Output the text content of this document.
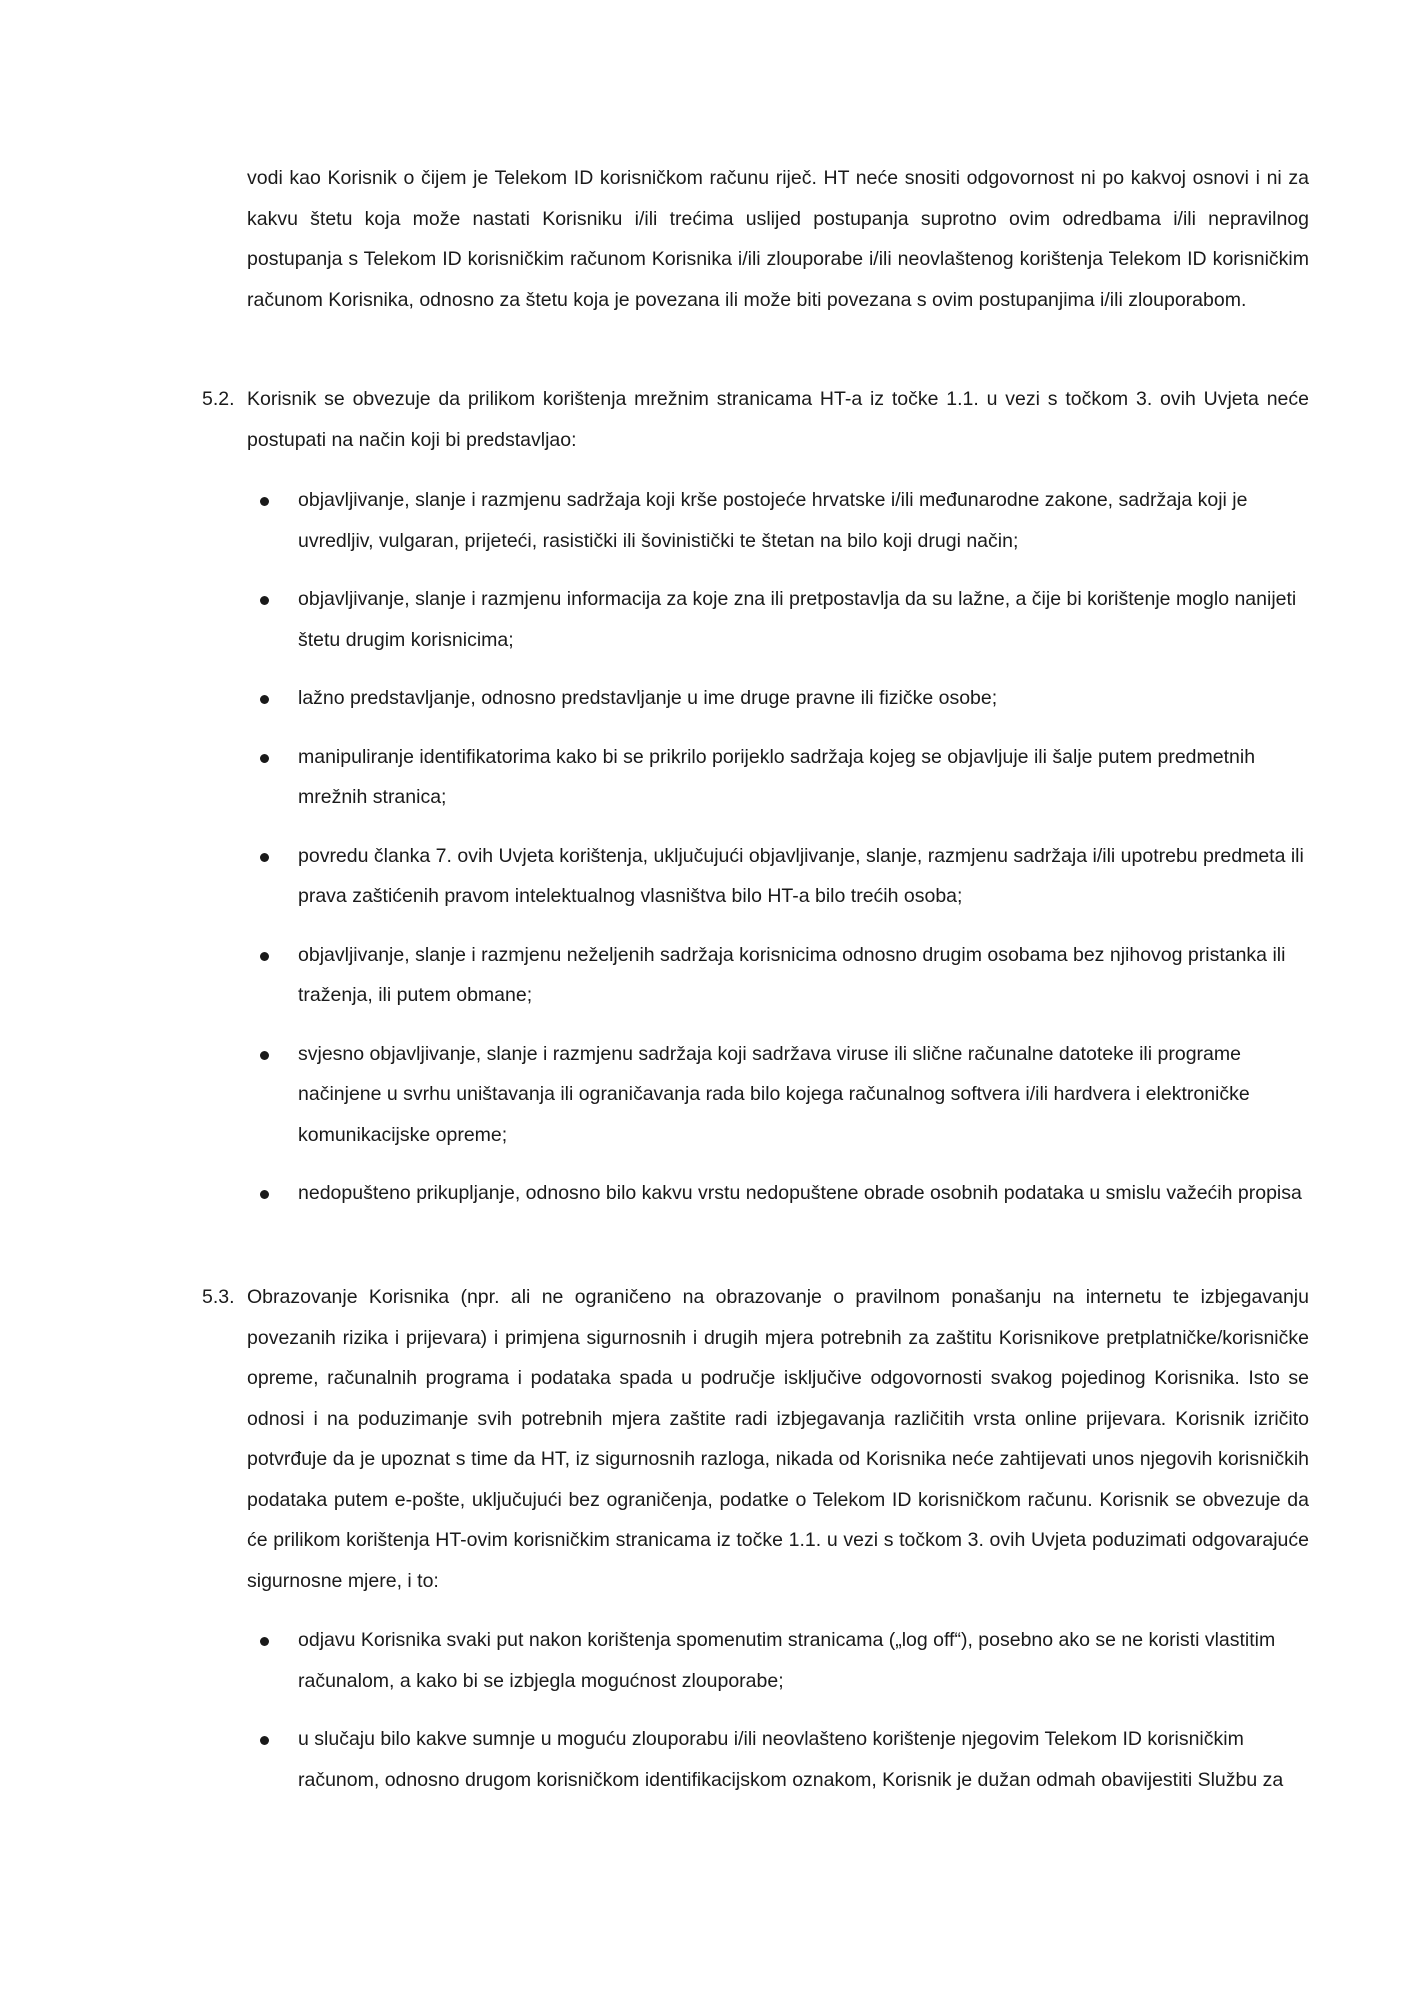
vodi kao Korisnik o čijem je Telekom ID korisničkom računu riječ. HT neće snositi odgovornost ni po kakvoj osnovi i ni za kakvu štetu koja može nastati Korisniku i/ili trećima uslijed postupanja suprotno ovim odredbama i/ili nepravilnog postupanja s Telekom ID korisničkim računom Korisnika i/ili zlouporabe i/ili neovlaštenog korištenja Telekom ID korisničkim računom Korisnika, odnosno za štetu koja je povezana ili može biti povezana s ovim postupanjima i/ili zlouporabom.

5.2. Korisnik se obvezuje da prilikom korištenja mrežnim stranicama HT-a iz točke 1.1. u vezi s točkom 3. ovih Uvjeta neće postupati na način koji bi predstavljao:
objavljivanje, slanje i razmjenu sadržaja koji krše postojeće hrvatske i/ili međunarodne zakone, sadržaja koji je uvredljiv, vulgaran, prijeteći, rasistički ili šovinistički te štetan na bilo koji drugi način;
objavljivanje, slanje i razmjenu informacija za koje zna ili pretpostavlja da su lažne, a čije bi korištenje moglo nanijeti štetu drugim korisnicima;
lažno predstavljanje, odnosno predstavljanje u ime druge pravne ili fizičke osobe;
manipuliranje identifikatorima kako bi se prikrilo porijeklo sadržaja kojeg se objavljuje ili šalje putem predmetnih mrežnih stranica;
povredu članka 7. ovih Uvjeta korištenja, uključujući objavljivanje, slanje, razmjenu sadržaja i/ili upotrebu predmeta ili prava zaštićenih pravom intelektualnog vlasništva bilo HT-a bilo trećih osoba;
objavljivanje, slanje i razmjenu neželjenih sadržaja korisnicima odnosno drugim osobama bez njihovog pristanka ili traženja, ili putem obmane;
svjesno objavljivanje, slanje i razmjenu sadržaja koji sadržava viruse ili slične računalne datoteke ili programe načinjene u svrhu uništavanja ili ograničavanja rada bilo kojega računalnog softvera i/ili hardvera i elektroničke komunikacijske opreme;
nedopušteno prikupljanje, odnosno bilo kakvu vrstu nedopuštene obrade osobnih podataka u smislu važećih propisa
5.3. Obrazovanje Korisnika (npr. ali ne ograničeno na obrazovanje o pravilnom ponašanju na internetu te izbjegavanju povezanih rizika i prijevara) i primjena sigurnosnih i drugih mjera potrebnih za zaštitu Korisnikove pretplatničke/korisničke opreme, računalnih programa i podataka spada u područje isključive odgovornosti svakog pojedinog Korisnika. Isto se odnosi i na poduzimanje svih potrebnih mjera zaštite radi izbjegavanja različitih vrsta online prijevara. Korisnik izričito potvrđuje da je upoznat s time da HT, iz sigurnosnih razloga, nikada od Korisnika neće zahtijevati unos njegovih korisničkih podataka putem e-pošte, uključujući bez ograničenja, podatke o Telekom ID korisničkom računu. Korisnik se obvezuje da će prilikom korištenja HT-ovim korisničkim stranicama iz točke 1.1. u vezi s točkom 3. ovih Uvjeta poduzimati odgovarajuće sigurnosne mjere, i to:
odjavu Korisnika svaki put nakon korištenja spomenutim stranicama („log off“), posebno ako se ne koristi vlastitim računalom, a kako bi se izbjegla mogućnost zlouporabe;
u slučaju bilo kakve sumnje u moguću zlouporabu i/ili neovlašteno korištenje njegovim Telekom ID korisničkim računom, odnosno drugom korisničkom identifikacijskom oznakom, Korisnik je dužan odmah obavijestiti Službu za
